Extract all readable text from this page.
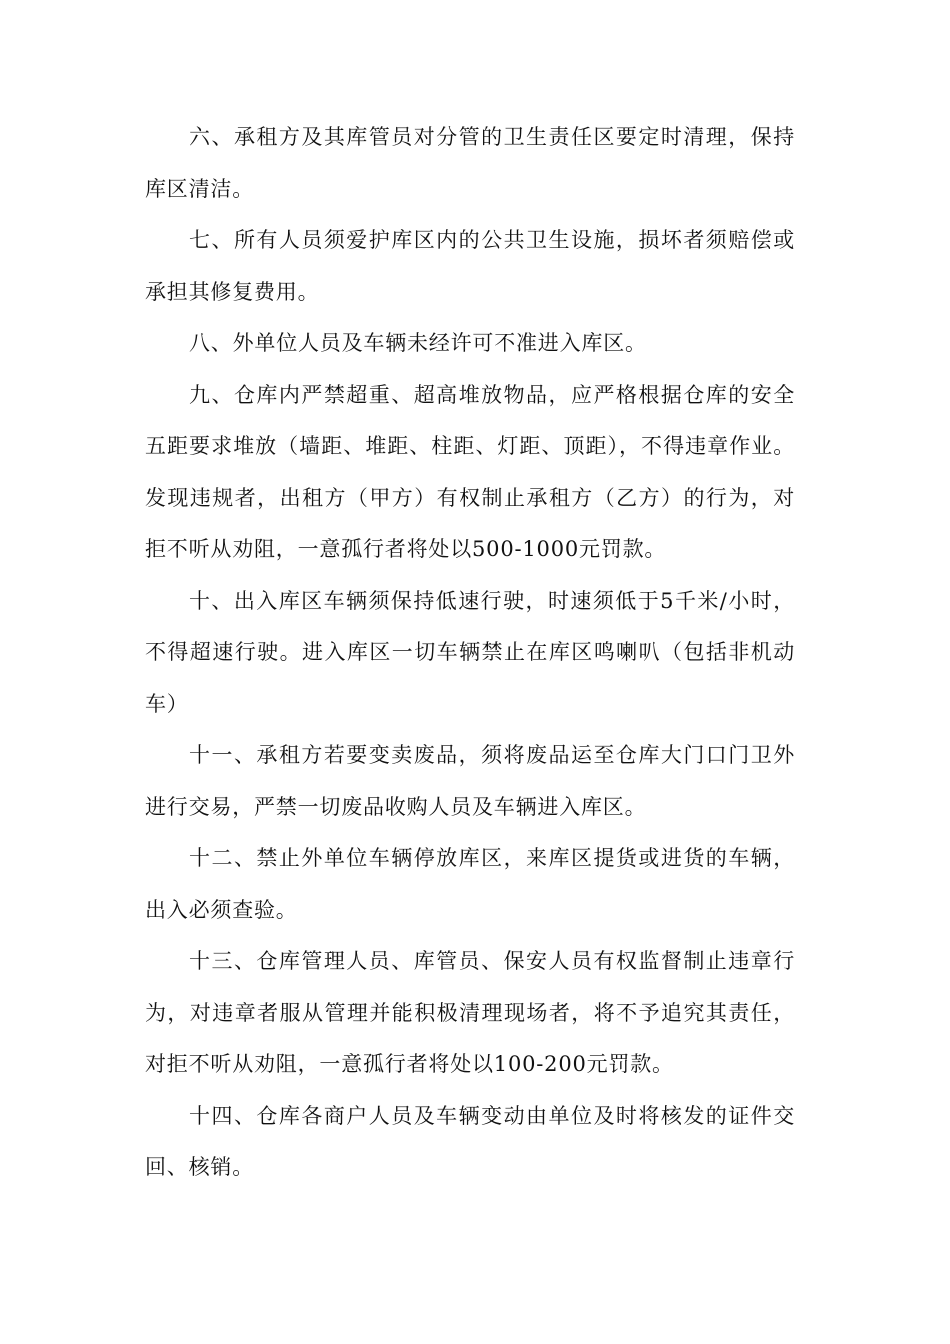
六、承租方及其库管员对分管的卫生责任区要定时清理，保持库区清洁。

七、所有人员须爱护库区内的公共卫生设施，损坏者须赔偿或承担其修复费用。

八、外单位人员及车辆未经许可不准进入库区。

九、仓库内严禁超重、超高堆放物品，应严格根据仓库的安全五距要求堆放（墙距、堆距、柱距、灯距、顶距），不得违章作业。发现违规者，出租方（甲方）有权制止承租方（乙方）的行为，对拒不听从劝阻，一意孤行者将处以500-1000元罚款。

十、出入库区车辆须保持低速行驶，时速须低于5千米/小时，不得超速行驶。进入库区一切车辆禁止在库区鸣喇叭（包括非机动车）

十一、承租方若要变卖废品，须将废品运至仓库大门口门卫外进行交易，严禁一切废品收购人员及车辆进入库区。

十二、禁止外单位车辆停放库区，来库区提货或进货的车辆，出入必须查验。

十三、仓库管理人员、库管员、保安人员有权监督制止违章行为，对违章者服从管理并能积极清理现场者，将不予追究其责任，对拒不听从劝阻，一意孤行者将处以100-200元罚款。

十四、仓库各商户人员及车辆变动由单位及时将核发的证件交回、核销。
